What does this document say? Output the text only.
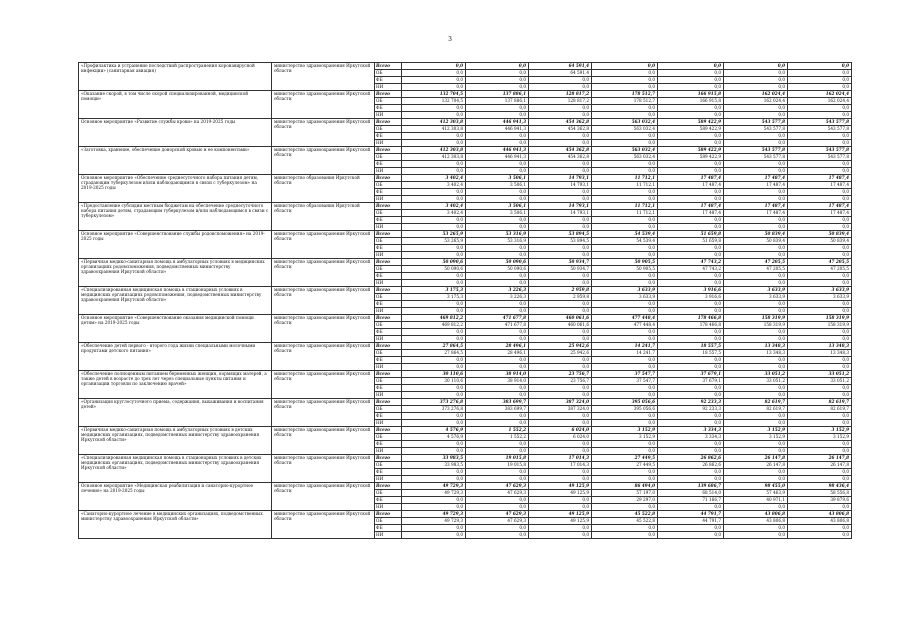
3
«Профилактика и устранение последствий распространения коронавирусной инфекции» (санитарная авиация)	министерство здравоохранения Иркутской области	Всего	0,0	0,0	64 591,4	0,0	0,0	0,0	0,0
		ОБ	0,0	0,0	64 591,4	0,0	0,0	0,0	0,0
		ФБ	0,0	0,0	0,0	0,0	0,0	0,0	0,0
		НИ	0,0	0,0	0,0	0,0	0,0	0,0	0,0
«Оказание скорой, в том числе скорой специализированной, медицинской помощи»	министерство здравоохранения Иркутской области	Всего	132 704,5	137 886,1	128 817,2	178 512,7	166 915,8	162 024,4	162 024,4
		ОБ	132 704,5	137 886,1	128 817,2	178 512,7	166 915,8	162 024,4	162 024,4
		ФБ	0,0	0,0	0,0	0,0	0,0	0,0	0,0
		НИ	0,0	0,0	0,0	0,0	0,0	0,0	0,0
Основное мероприятие «Развитие службы крови» на 2019-2025 годы	министерство здравоохранения Иркутской области	Всего	412 303,8	446 941,3	454 362,8	563 032,4	589 422,9	543 577,8	543 577,8
		ОБ	412 303,8	446 941,3	454 362,8	563 032,4	589 422,9	543 577,8	543 577,8
		ФБ	0,0	0,0	0,0	0,0	0,0	0,0	0,0
		НИ	0,0	0,0	0,0	0,0	0,0	0,0	0,0
«Заготовка, хранение, обеспечение донорской кровью и ее компонентами»	министерство здравоохранения Иркутской области	Всего	412 303,8	446 941,3	454 362,8	563 032,4	589 422,9	543 577,8	543 577,8
		ОБ	412 303,8	446 941,3	454 362,8	563 032,4	589 422,9	543 577,8	543 577,8
		ФБ	0,0	0,0	0,0	0,0	0,0	0,0	0,0
		НИ	0,0	0,0	0,0	0,0	0,0	0,0	0,0
Основное мероприятие «Обеспечение среднесуточного набора питания детям, страдающим туберкулезом и/или наблюдающимся в связи с туберкулезом» на 2019-2025 годы	министерство образования Иркутской области	Всего	3 402,4	3 506,1	14 793,1	11 712,1	17 487,4	17 487,4	17 487,4
		ОБ	3 402,4	3 506,1	14 793,1	11 712,1	17 487,4	17 487,4	17 487,4
		ФБ	0,0	0,0	0,0	0,0	0,0	0,0	0,0
		НИ	0,0	0,0	0,0	0,0	0,0	0,0	0,0
«Предоставление субсидии местным бюджетам на обеспечение среднесуточного набора питания детям, страдающим туберкулезом и/или наблюдающимся в связи с туберкулезом»	министерство образования Иркутской области	Всего	3 402,4	3 506,1	14 793,1	11 712,1	17 487,4	17 487,4	17 487,4
		ОБ	3 402,4	3 506,1	14 793,1	11 712,1	17 487,4	17 487,4	17 487,4
		ФБ	0,0	0,0	0,0	0,0	0,0	0,0	0,0
		НИ	0,0	0,0	0,0	0,0	0,0	0,0	0,0
Основное мероприятие «Совершенствование службы родовспоможения» на 2019-2025 годы	министерство здравоохранения Иркутской области	Всего	53 265,9	53 316,9	53 894,5	54 539,4	51 659,8	50 839,4	50 839,4
		ОБ	53 265,9	53 316,9	53 894,5	54 539,4	51 659,8	50 839,4	50 839,4
		ФБ	0,0	0,0	0,0	0,0	0,0	0,0	0,0
		НИ	0,0	0,0	0,0	0,0	0,0	0,0	0,0
«Первичная медико-санитарная помощь в амбулаторных условиях в медицинских организациях родовспоможения, подведомственных министерству здравоохранения Иркутской области»	министерство здравоохранения Иркутской области	Всего	50 090,6	50 090,6	50 934,7	50 905,5	47 743,2	47 205,5	47 205,5
		ОБ	50 090,6	50 090,6	50 934,7	50 905,5	47 743,2	47 205,5	47 205,5
		ФБ	0,0	0,0	0,0	0,0	0,0	0,0	0,0
		НИ	0,0	0,0	0,0	0,0	0,0	0,0	0,0
«Специализированная медицинская помощь в стационарных условиях в медицинских организациях родовспоможения, подведомственных министерству здравоохранения Иркутской области»	министерство здравоохранения Иркутской области	Всего	3 175,3	3 226,3	2 959,8	3 633,9	3 916,6	3 633,9	3 633,9
		ОБ	3 175,3	3 226,3	2 959,8	3 633,9	3 916,6	3 633,9	3 633,9
		ФБ	0,0	0,0	0,0	0,0	0,0	0,0	0,0
		НИ	0,0	0,0	0,0	0,0	0,0	0,0	0,0
Основное мероприятие «Совершенствование оказания медицинской помощи детям» на 2019-2025 годы	министерство здравоохранения Иркутской области	Всего	469 812,2	471 677,8	460 061,6	477 448,4	178 466,8	158 319,9	158 319,9
		ОБ	469 812,2	471 677,8	460 061,6	477 448,4	178 466,8	158 319,9	158 319,9
		ФБ	0,0	0,0	0,0	0,0	0,0	0,0	0,0
		НИ	0,0	0,0	0,0	0,0	0,0	0,0	0,0
«Обеспечение детей первого - второго года жизни специальными молочными продуктами детского питания»	министерство здравоохранения Иркутской области	Всего	27 864,5	28 496,1	25 942,6	14 241,7	18 557,5	13 348,3	13 348,3
		ОБ	27 864,5	28 496,1	25 942,6	14 241,7	18 557,5	13 348,3	13 348,3
		ФБ	0,0	0,0	0,0	0,0	0,0	0,0	0,0
		НИ	0,0	0,0	0,0	0,0	0,0	0,0	0,0
«Обеспечение полноценным питанием беременных женщин, кормящих матерей, а также детей в возрасте до трех лет через специальные пункты питания и организации торговли по заключению врачей»	министерство здравоохранения Иркутской области	Всего	30 110,6	38 914,0	23 756,7	37 547,7	37 679,1	33 051,2	33 051,2
		ОБ	30 110,6	38 914,0	23 756,7	37 547,7	37 679,1	33 051,2	33 051,2
		ФБ	0,0	0,0	0,0	0,0	0,0	0,0	0,0
		НИ	0,0	0,0	0,0	0,0	0,0	0,0	0,0
«Организация круглосуточного приема, содержания, выхаживания и воспитания детей»	министерство здравоохранения Иркутской области	Всего	373 276,8	383 699,7	387 324,0	395 056,6	92 233,3	82 619,7	82 619,7
		ОБ	373 276,8	383 699,7	387 324,0	395 056,6	92 233,3	82 619,7	82 619,7
		ФБ	0,0	0,0	0,0	0,0	0,0	0,0	0,0
		НИ	0,0	0,0	0,0	0,0	0,0	0,0	0,0
«Первичная медико-санитарная помощь в амбулаторных условиях в детских медицинских организациях, подведомственных министерству здравоохранения Иркутской области»	министерство здравоохранения Иркутской области	Всего	4 576,9	1 552,2	6 024,0	3 152,9	3 334,3	3 152,9	3 152,9
		ОБ	4 576,9	1 552,2	6 024,0	3 152,9	3 334,3	3 152,9	3 152,9
		ФБ	0,0	0,0	0,0	0,0	0,0	0,0	0,0
		НИ	0,0	0,0	0,0	0,0	0,0	0,0	0,0
«Специализированная медицинская помощь в стационарных условиях в детских медицинских организациях, подведомственных министерству здравоохранения Иркутской области»	министерство здравоохранения Иркутской области	Всего	33 983,5	19 015,8	17 014,3	27 449,5	26 862,6	26 147,8	26 147,8
		ОБ	33 983,5	19 015,8	17 014,3	27 449,5	26 862,6	26 147,8	26 147,8
		ФБ	0,0	0,0	0,0	0,0	0,0	0,0	0,0
		НИ	0,0	0,0	0,0	0,0	0,0	0,0	0,0
Основное мероприятие «Медицинская реабилитация и санаторно-курортное лечение» на 2019-2025 годы	министерство здравоохранения Иркутской области	Всего	49 729,3	47 629,3	49 125,9	86 494,0	139 686,7	98 455,0	98 436,4
		ОБ	49 729,3	47 629,3	49 125,9	57 197,0	68 514,0	57 463,9	58 556,8
		ФБ	0,0	0,0	0,0	29 297,0	71 166,7	40 971,1	39 879,6
		НИ	0,0	0,0	0,0	0,0	0,0	0,0	0,0
«Санаторно-курортное лечение в медицинских организациях, подведомственных министерству здравоохранения Иркутской области»	министерство здравоохранения Иркутской области	Всего	49 729,3	47 629,3	49 125,9	45 522,8	44 791,7	43 806,8	43 806,8
		ОБ	49 729,3	47 629,3	49 125,9	45 522,8	44 791,7	43 806,8	43 806,8
		ФБ	0,0	0,0	0,0	0,0	0,0	0,0	0,0
		НИ	0,0	0,0	0,0	0,0	0,0	0,0	0,0
